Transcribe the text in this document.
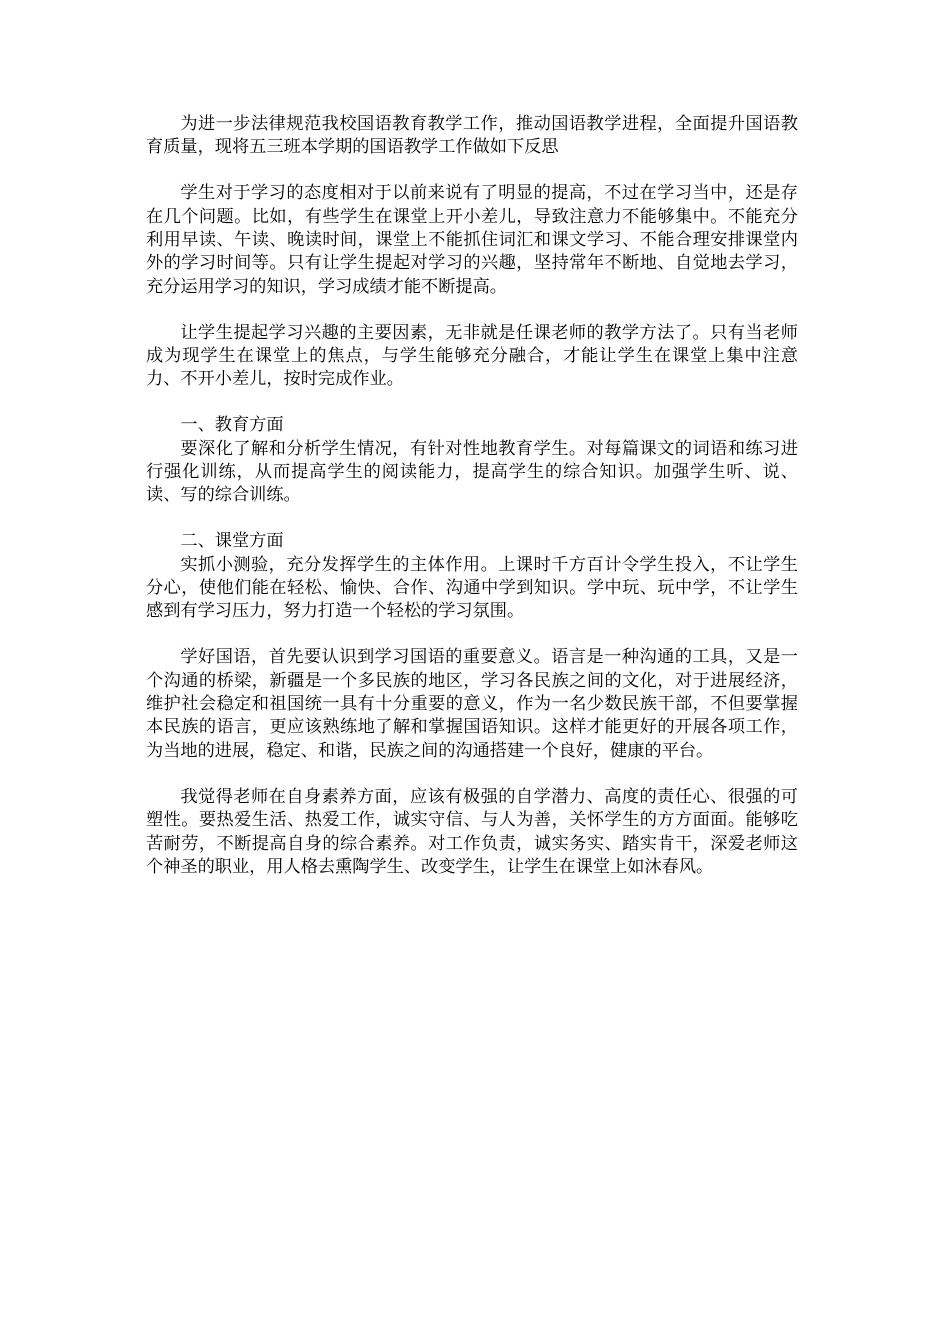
为进一步法律规范我校国语教育教学工作，推动国语教学进程，全面提升国语教育质量，现将五三班本学期的国语教学工作做如下反思

学生对于学习的态度相对于以前来说有了明显的提高，不过在学习当中，还是存在几个问题。比如，有些学生在课堂上开小差儿，导致注意力不能够集中。不能充分利用早读、午读、晚读时间，课堂上不能抓住词汇和课文学习、不能合理安排课堂内外的学习时间等。只有让学生提起对学习的兴趣，坚持常年不断地、自觉地去学习，充分运用学习的知识，学习成绩才能不断提高。

让学生提起学习兴趣的主要因素，无非就是任课老师的教学方法了。只有当老师成为现学生在课堂上的焦点，与学生能够充分融合，才能让学生在课堂上集中注意力、不开小差儿，按时完成作业。

一、教育方面

要深化了解和分析学生情况，有针对性地教育学生。对每篇课文的词语和练习进行强化训练，从而提高学生的阅读能力，提高学生的综合知识。加强学生听、说、读、写的综合训练。

二、课堂方面

实抓小测验，充分发挥学生的主体作用。上课时千方百计令学生投入，不让学生分心，使他们能在轻松、愉快、合作、沟通中学到知识。学中玩、玩中学，不让学生感到有学习压力，努力打造一个轻松的学习氛围。

学好国语，首先要认识到学习国语的重要意义。语言是一种沟通的工具，又是一个沟通的桥梁，新疆是一个多民族的地区，学习各民族之间的文化，对于进展经济，维护社会稳定和祖国统一具有十分重要的意义，作为一名少数民族干部，不但要掌握本民族的语言，更应该熟练地了解和掌握国语知识。这样才能更好的开展各项工作，为当地的进展，稳定、和谐，民族之间的沟通搭建一个良好，健康的平台。

我觉得老师在自身素养方面，应该有极强的自学潜力、高度的责任心、很强的可塑性。要热爱生活、热爱工作，诚实守信、与人为善，关怀学生的方方面面。能够吃苦耐劳，不断提高自身的综合素养。对工作负责，诚实务实、踏实肯干，深爱老师这个神圣的职业，用人格去熏陶学生、改变学生，让学生在课堂上如沐春风。
